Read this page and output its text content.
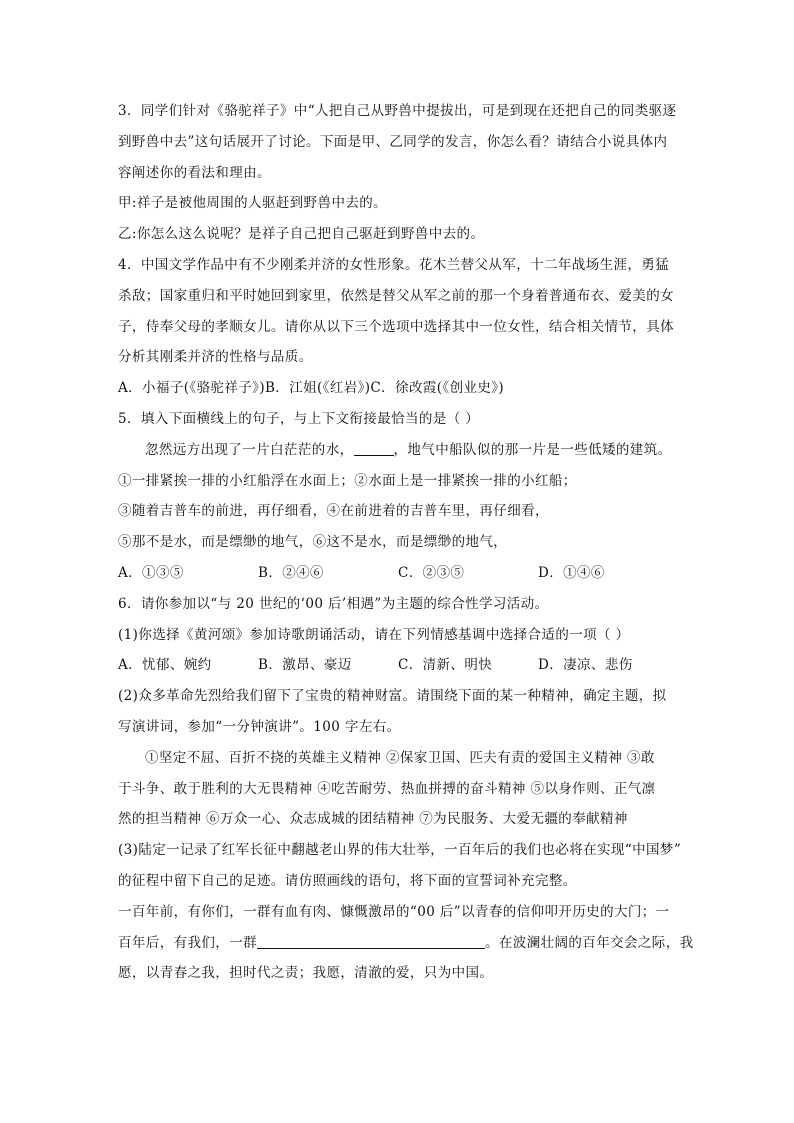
3．同学们针对《骆驼祥子》中“人把自己从野兽中提拔出，可是到现在还把自己的同类驱逐
到野兽中去”这句话展开了讨论。下面是甲、乙同学的发言，你怎么看？请结合小说具体内
容阐述你的看法和理由。
甲:祥子是被他周围的人驱赶到野兽中去的。
乙:你怎么这么说呢？是祥子自己把自己驱赶到野兽中去的。
4．中国文学作品中有不少刚柔并济的女性形象。花木兰替父从军，十二年战场生涯，勇猛
杀敌；国家重归和平时她回到家里，依然是替父从军之前的那一个身着普通布衣、爱美的女
子，侍奉父母的孝顺女儿。请你从以下三个选项中选择其中一位女性，结合相关情节，具体
分析其刚柔并济的性格与品质。
A．小福子(《骆驼祥子》)B．江姐(《红岩》)C．徐改霞(《创业史》)
5．填入下面横线上的句子，与上下文衔接最恰当的是（ ）
忽然远方出现了一片白茫茫的水，	，地气中船队似的那一片是一些低矮的建筑。
①一排紧挨一排的小红船浮在水面上；②水面上是一排紧挨一排的小红船；
③随着吉普车的前进，再仔细看，④在前进着的吉普车里，再仔细看，
⑤那不是水，而是缥缈的地气，⑥这不是水，而是缥缈的地气，
A．①③⑤	B．②④⑥	C．②③⑤	D．①④⑥
6．请你参加以“与 20 世纪的‘00 后’相遇”为主题的综合性学习活动。
(1)你选择《黄河颂》参加诗歌朗诵活动，请在下列情感基调中选择合适的一项（ ）
A．忧郁、婉约	B．激昂、豪迈	C．清新、明快	D．凄凉、悲伤
(2)众多革命先烈给我们留下了宝贵的精神财富。请围绕下面的某一种精神，确定主题，拟
写演讲词，参加“一分钟演讲”。100 字左右。
①坚定不屈、百折不挠的英雄主义精神 ②保家卫国、匹夫有责的爱国主义精神 ③敢
于斗争、敢于胜利的大无畏精神 ④吃苦耐劳、热血拼搏的奋斗精神 ⑤以身作则、正气凛
然的担当精神 ⑥万众一心、众志成城的团结精神 ⑦为民服务、大爱无疆的奉献精神
(3)陆定一记录了红军长征中翻越老山界的伟大壮举，一百年后的我们也必将在实现“中国梦”
的征程中留下自己的足迹。请仿照画线的语句，将下面的宣誓词补充完整。
一百年前，有你们，一群有血有肉、慷慨激昂的“00 后”以青春的信仰叩开历史的大门；一
百年后，有我们，一群	。在波澜壮阔的百年交会之际，我
愿，以青春之我，担时代之责；我愿，清澈的爱，只为中国。
